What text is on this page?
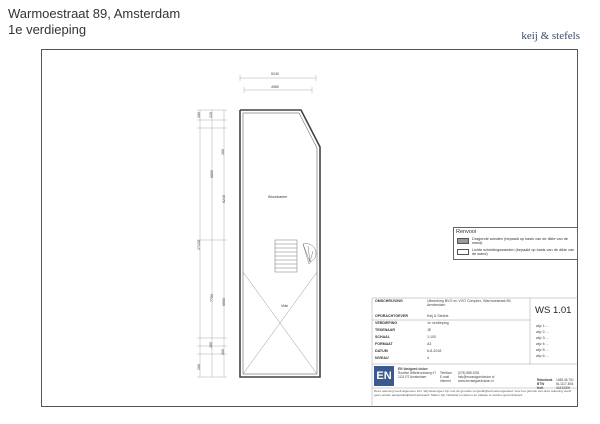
Warmoestraat 89, Amsterdam
1e verdieping	keij & stefels
5240
4980
260 210
260
6800
6240
17430
7750 6560
260
260
260
Woonkamer
Vide
Renvooi
Dragende wanden (bepaald op basis van de dikte van de wand)
Lichte scheidingswanden (bepaald op basis van de dikte van de wand)
OMSCHRIJVING	Uitwerking BVO en VVO Complex, Warmoestraat 89, Amsterdam
OPDRACHTGEVER	Keij & Stefels
VERDIEPING	1e verdieping
TEKENAAR	JE
SCHAAL	1:100
FORMAAT	A3
DATUM	6-8-2018
NIVEAU	4
WS 1.01
wijz 1: ...
wijz 2: ...
wijz 3: ...
wijz 4: ...
wijz 5: ...
wijz 6: ...
EN
EN Vastgoed vision
Rozette Willebrordsweg 47
1111 PZ Amsterdam
Telefoon (075) 888 3281
E-mail	info@envastgoedvision.nl
Internet www.envastgoedvision.nl	Rabobank 1488.46.751
BTW	NL1117-B04
KvK	34433300
Deze tekening heeft algemene info. Wij tekeningen zijn met de grootste zorgvuldigheid samengesteld. Voor het gebruik van deze tekening wordt geen enkele aansprakelijkheid aanvaard. Maten zijn indicatief en dienen ter plaatse te worden gecontroleerd.
